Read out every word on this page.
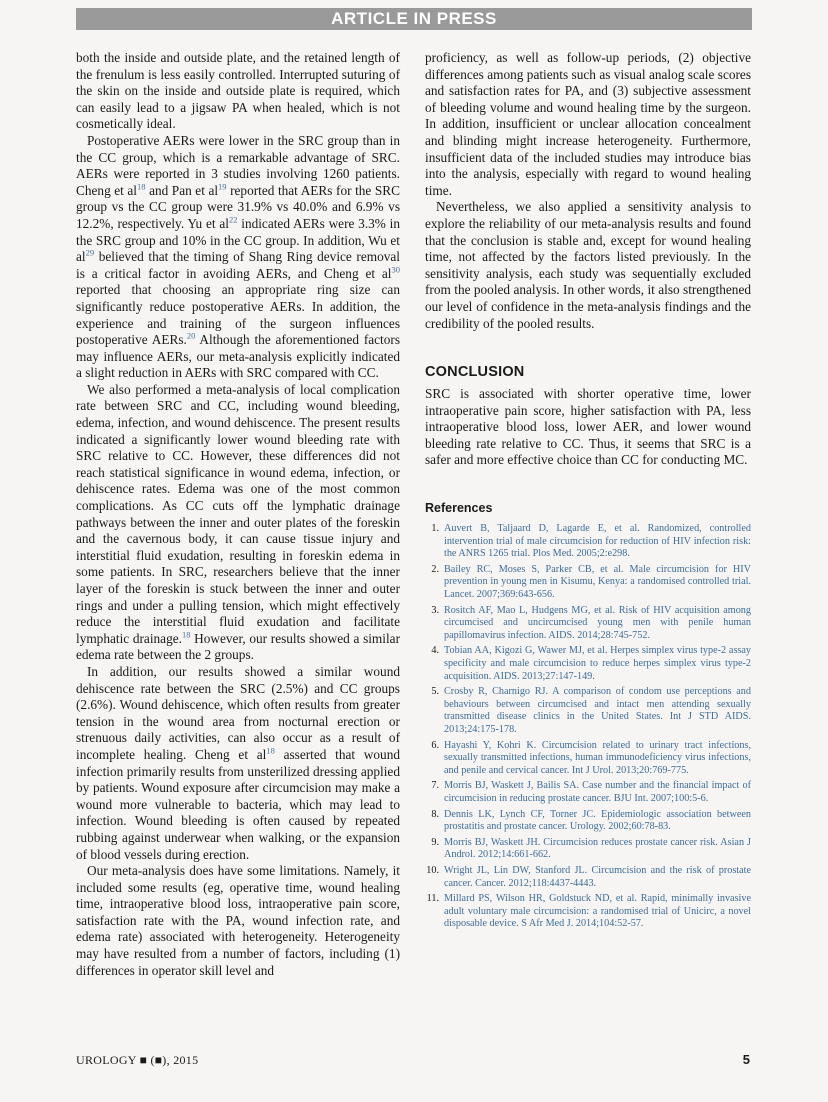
ARTICLE IN PRESS

both the inside and outside plate, and the retained length of the frenulum is less easily controlled. Interrupted suturing of the skin on the inside and outside plate is required, which can easily lead to a jigsaw PA when healed, which is not cosmetically ideal.

Postoperative AERs were lower in the SRC group than in the CC group, which is a remarkable advantage of SRC. AERs were reported in 3 studies involving 1260 patients. Cheng et $al^{18}$ and Pan et $al^{19}$ reported that AERs for the SRC group vs the CC group were 31.9% vs 40.0% and 6.9% vs 12.2%, respectively. Yu et $al^{22}$ indicated AERs were 3.3% in the SRC group and 10% in the CC group. In addition, Wu et $al^{29}$ believed that the timing of Shang Ring device removal is a critical factor in avoiding AERs, and Cheng et $al^{30}$ reported that choosing an appropriate ring size can significantly reduce postoperative AERs. In addition, the experience and training of the surgeon influences postoperative AERs.$^{20}$ Although the aforementioned factors may influence AERs, our meta-analysis explicitly indicated a slight reduction in AERs with SRC compared with CC.

We also performed a meta-analysis of local complication rate between SRC and CC, including wound bleeding, edema, infection, and wound dehiscence. The present results indicated a significantly lower wound bleeding rate with SRC relative to CC. However, these differences did not reach statistical significance in wound edema, infection, or dehiscence rates. Edema was one of the most common complications. As CC cuts off the lymphatic drainage pathways between the inner and outer plates of the foreskin and the cavernous body, it can cause tissue injury and interstitial fluid exudation, resulting in foreskin edema in some patients. In SRC, researchers believe that the inner layer of the foreskin is stuck between the inner and outer rings and under a pulling tension, which might effectively reduce the interstitial fluid exudation and facilitate lymphatic drainage.$^{18}$ However, our results showed a similar edema rate between the 2 groups.

In addition, our results showed a similar wound dehiscence rate between the SRC (2.5%) and CC groups (2.6%). Wound dehiscence, which often results from greater tension in the wound area from nocturnal erection or strenuous daily activities, can also occur as a result of incomplete healing. Cheng et $al^{18}$ asserted that wound infection primarily results from unsterilized dressing applied by patients. Wound exposure after circumcision may make a wound more vulnerable to bacteria, which may lead to infection. Wound bleeding is often caused by repeated rubbing against underwear when walking, or the expansion of blood vessels during erection.

Our meta-analysis does have some limitations. Namely, it included some results (eg, operative time, wound healing time, intraoperative blood loss, intraoperative pain score, satisfaction rate with the PA, wound infection rate, and edema rate) associated with heterogeneity. Heterogeneity may have resulted from a number of factors, including (1) differences in operator skill level and

proficiency, as well as follow-up periods, (2) objective differences among patients such as visual analog scale scores and satisfaction rates for PA, and (3) subjective assessment of bleeding volume and wound healing time by the surgeon. In addition, insufficient or unclear allocation concealment and blinding might increase heterogeneity. Furthermore, insufficient data of the included studies may introduce bias into the analysis, especially with regard to wound healing time.

Nevertheless, we also applied a sensitivity analysis to explore the reliability of our meta-analysis results and found that the conclusion is stable and, except for wound healing time, not affected by the factors listed previously. In the sensitivity analysis, each study was sequentially excluded from the pooled analysis. In other words, it also strengthened our level of confidence in the meta-analysis findings and the credibility of the pooled results.

CONCLUSION

SRC is associated with shorter operative time, lower intraoperative pain score, higher satisfaction with PA, less intraoperative blood loss, lower AER, and lower wound bleeding rate relative to CC. Thus, it seems that SRC is a safer and more effective choice than CC for conducting MC.

References
1. Auvert B, Taljaard D, Lagarde E, et al. Randomized, controlled intervention trial of male circumcision for reduction of HIV infection risk: the ANRS 1265 trial. Plos Med. 2005;2:e298.
2. Bailey RC, Moses S, Parker CB, et al. Male circumcision for HIV prevention in young men in Kisumu, Kenya: a randomised controlled trial. Lancet. 2007;369:643-656.
3. Rositch AF, Mao L, Hudgens MG, et al. Risk of HIV acquisition among circumcised and uncircumcised young men with penile human papillomavirus infection. AIDS. 2014;28:745-752.
4. Tobian AA, Kigozi G, Wawer MJ, et al. Herpes simplex virus type-2 assay specificity and male circumcision to reduce herpes simplex virus type-2 acquisition. AIDS. 2013;27:147-149.
5. Crosby R, Charnigo RJ. A comparison of condom use perceptions and behaviours between circumcised and intact men attending sexually transmitted disease clinics in the United States. Int J STD AIDS. 2013;24:175-178.
6. Hayashi Y, Kohri K. Circumcision related to urinary tract infections, sexually transmitted infections, human immunodeficiency virus infections, and penile and cervical cancer. Int J Urol. 2013;20:769-775.
7. Morris BJ, Waskett J, Bailis SA. Case number and the financial impact of circumcision in reducing prostate cancer. BJU Int. 2007;100:5-6.
8. Dennis LK, Lynch CF, Torner JC. Epidemiologic association between prostatitis and prostate cancer. Urology. 2002;60:78-83.
9. Morris BJ, Waskett JH. Circumcision reduces prostate cancer risk. Asian J Androl. 2012;14:661-662.
10. Wright JL, Lin DW, Stanford JL. Circumcision and the risk of prostate cancer. Cancer. 2012;118:4437-4443.
11. Millard PS, Wilson HR, Goldstuck ND, et al. Rapid, minimally invasive adult voluntary male circumcision: a randomised trial of Unicirc, a novel disposable device. S Afr Med J. 2014;104:52-57.
UROLOGY ■ (■), 2015	5
